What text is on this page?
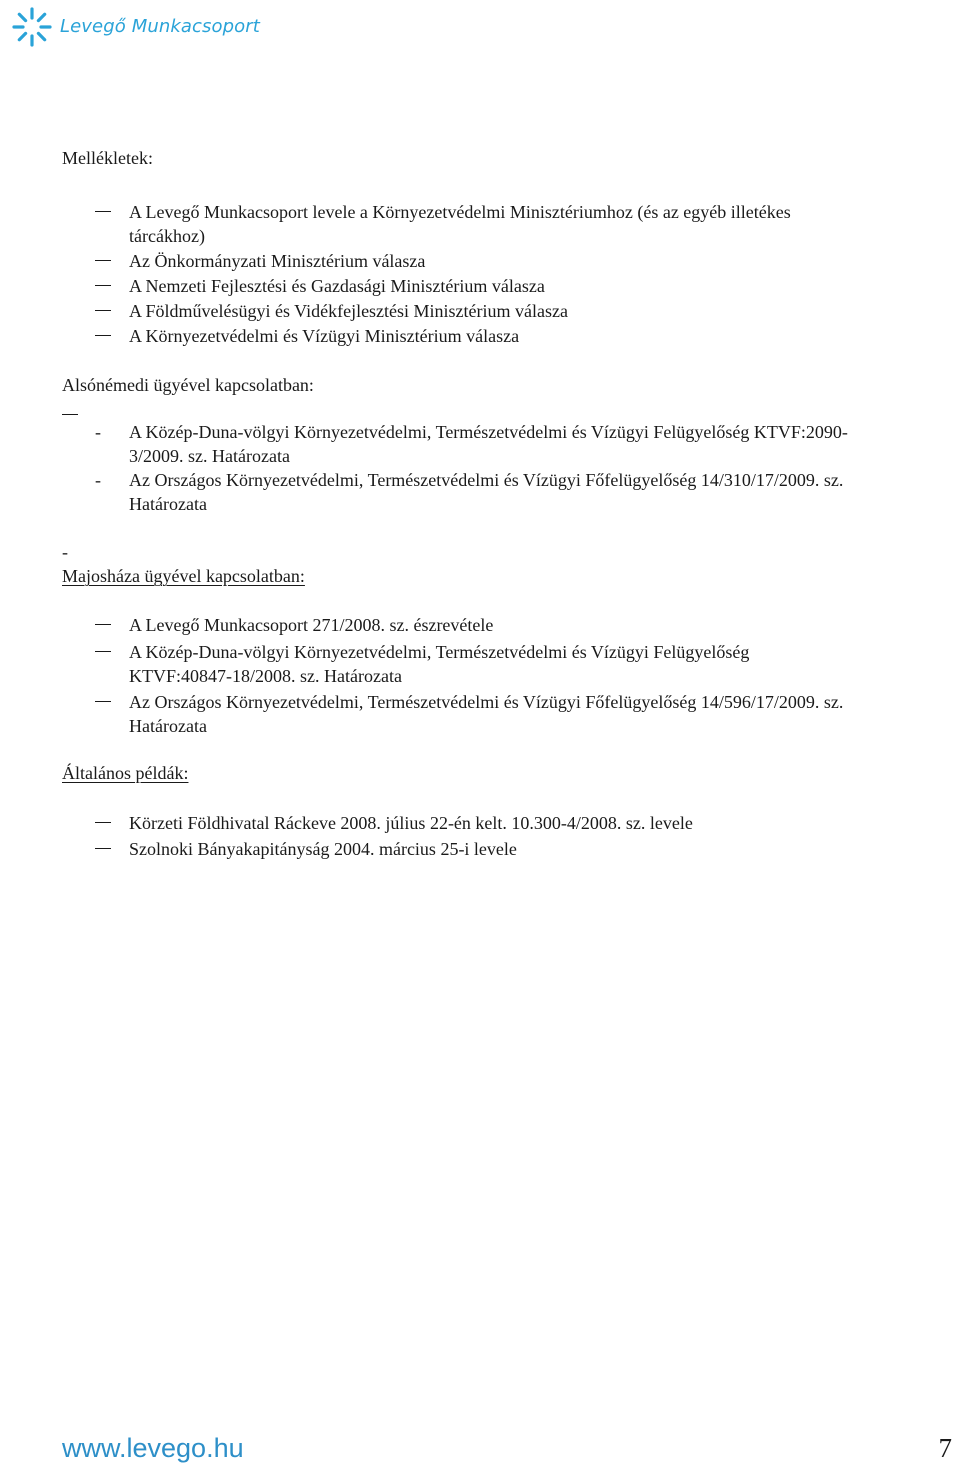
Levegő Munkacsoport
Mellékletek:
A Levegő Munkacsoport levele a Környezetvédelmi Minisztériumhoz (és az egyéb illetékes
tárcákhoz)
Az Önkormányzati Minisztérium válasza
A Nemzeti Fejlesztési és Gazdasági Minisztérium válasza
A Földművelésügyi és Vidékfejlesztési Minisztérium válasza
A Környezetvédelmi és Vízügyi Minisztérium válasza
Alsónémedi ügyével kapcsolatban:
- A Közép-Duna-völgyi Környezetvédelmi, Természetvédelmi és Vízügyi Felügyelőség KTVF:2090-
3/2009. sz. Határozata
- Az Országos Környezetvédelmi, Természetvédelmi és Vízügyi Főfelügyelőség 14/310/17/2009. sz.
Határozata
-
Majosháza ügyével kapcsolatban:
A Levegő Munkacsoport 271/2008. sz. észrevétele
A Közép-Duna-völgyi Környezetvédelmi, Természetvédelmi és Vízügyi Felügyelőség
KTVF:40847-18/2008. sz. Határozata
Az Országos Környezetvédelmi, Természetvédelmi és Vízügyi Főfelügyelőség 14/596/17/2009. sz.
Határozata
Általános példák:
Körzeti Földhivatal Ráckeve 2008. július 22-én kelt. 10.300-4/2008. sz. levele
Szolnoki Bányakapitányság 2004. március 25-i levele
www.levego.hu	7
